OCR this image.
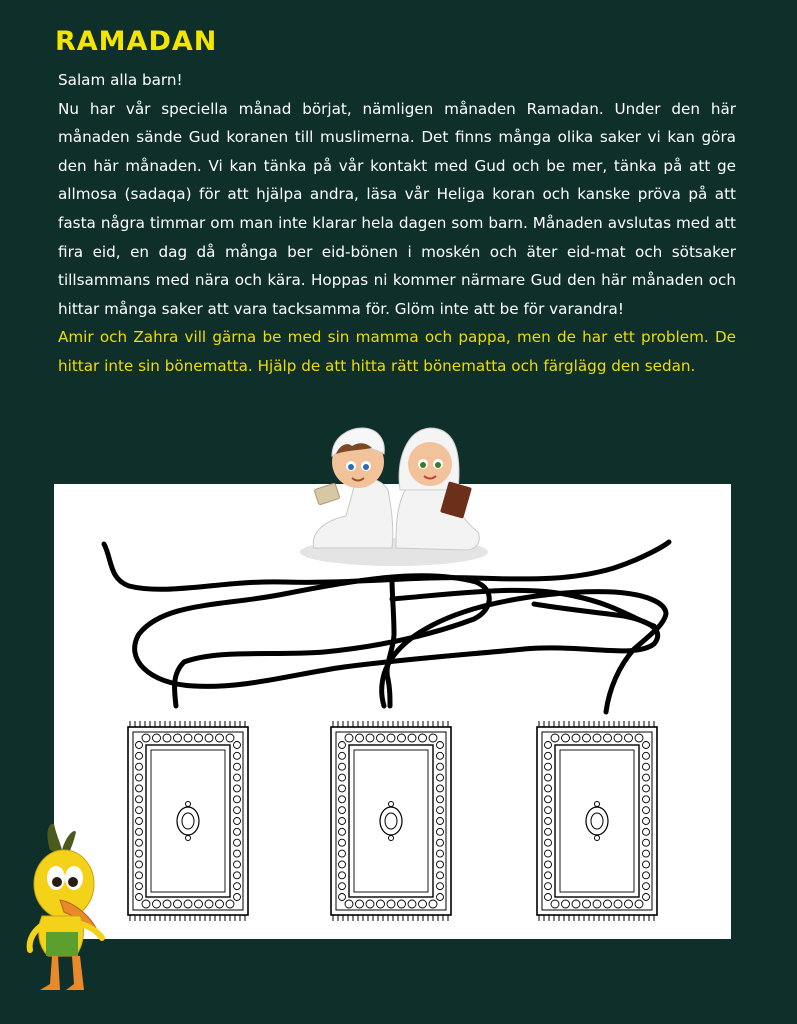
RAMADAN

Salam alla barn!

Nu har vår speciella månad börjat, nämligen månaden Ramadan. Under den här månaden sände Gud koranen till muslimerna. Det finns många olika saker vi kan göra den här månaden. Vi kan tänka på vår kontakt med Gud och be mer, tänka på att ge allmosa (sadaqa) för att hjälpa andra, läsa vår Heliga koran och kanske pröva på att fasta några timmar om man inte klarar hela dagen som barn. Månaden avslutas med att fira eid, en dag då många ber eid-bönen i moskén och äter eid-mat och sötsaker tillsammans med nära och kära. Hoppas ni kommer närmare Gud den här månaden och hittar många saker att vara tacksamma för. Glöm inte att be för varandra!

Amir och Zahra vill gärna be med sin mamma och pappa, men de har ett problem. De hittar inte sin bönematta. Hjälp de att hitta rätt bönematta och färglägg den sedan.
